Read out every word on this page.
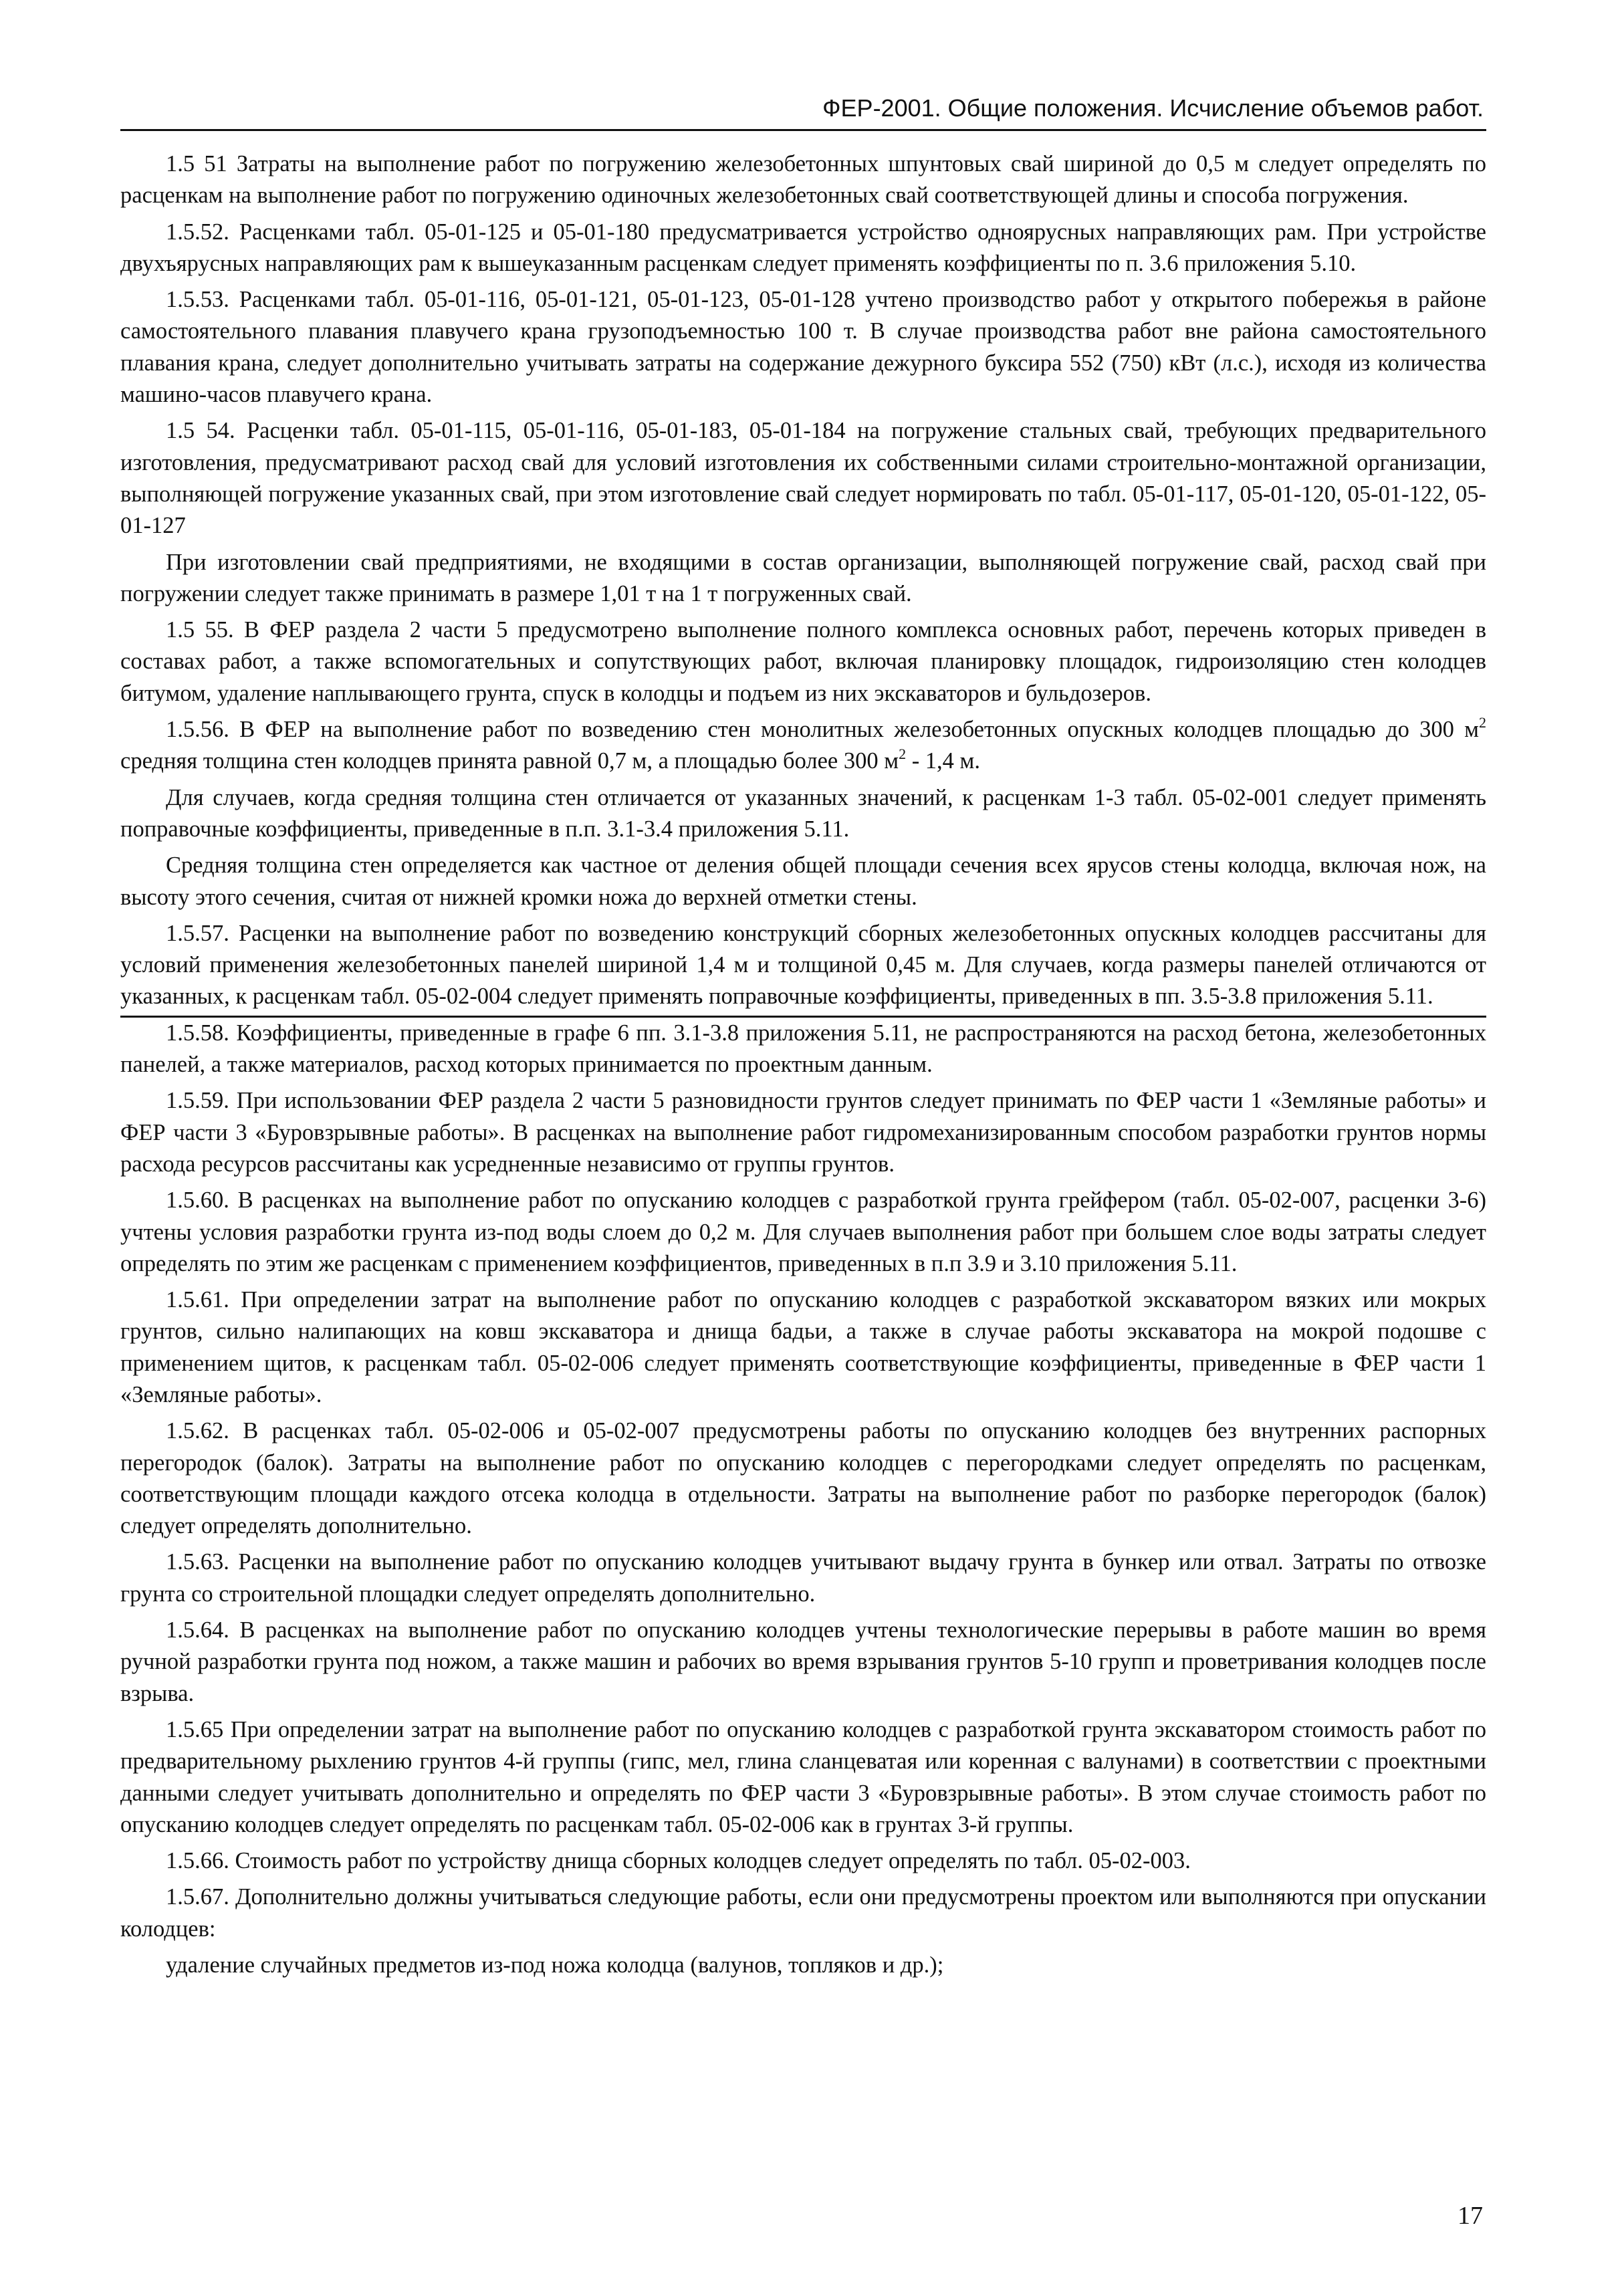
ФЕР-2001. Общие положения. Исчисление объемов работ.

1.5 51 Затраты на выполнение работ по погружению железобетонных шпунтовых свай шириной до 0,5 м следует определять по расценкам на выполнение работ по погружению одиночных железобетонных свай соответствующей длины и способа погружения.

1.5.52. Расценками табл. 05-01-125 и 05-01-180 предусматривается устройство одноярусных направляющих рам. При устройстве двухъярусных направляющих рам к вышеуказанным расценкам следует применять коэффициенты по п. 3.6 приложения 5.10.

1.5.53. Расценками табл. 05-01-116, 05-01-121, 05-01-123, 05-01-128 учтено производство работ у открытого побережья в районе самостоятельного плавания плавучего крана грузоподъемностью 100 т. В случае производства работ вне района самостоятельного плавания крана, следует дополнительно учитывать затраты на содержание дежурного буксира 552 (750) кВт (л.с.), исходя из количества машино-часов плавучего крана.

1.5 54. Расценки табл. 05-01-115, 05-01-116, 05-01-183, 05-01-184 на погружение стальных свай, требующих предварительного изготовления, предусматривают расход свай для условий изготовления их собственными силами строительно-монтажной организации, выполняющей погружение указанных свай, при этом изготовление свай следует нормировать по табл. 05-01-117, 05-01-120, 05-01-122, 05-01-127

При изготовлении свай предприятиями, не входящими в состав организации, выполняющей погружение свай, расход свай при погружении следует также принимать в размере 1,01 т на 1 т погруженных свай.

1.5 55. В ФЕР раздела 2 части 5 предусмотрено выполнение полного комплекса основных работ, перечень которых приведен в составах работ, а также вспомогательных и сопутствующих работ, включая планировку площадок, гидроизоляцию стен колодцев битумом, удаление наплывающего грунта, спуск в колодцы и подъем из них экскаваторов и бульдозеров.

1.5.56. В ФЕР на выполнение работ по возведению стен монолитных железобетонных опускных колодцев площадью до 300 $м^2$ средняя толщина стен колодцев принята равной 0,7 м, а площадью более 300 $м^2 - 1,4$ м.

Для случаев, когда средняя толщина стен отличается от указанных значений, к расценкам 1-3 табл. 05-02-001 следует применять поправочные коэффициенты, приведенные в п.п. 3.1-3.4 приложения 5.11.

Средняя толщина стен определяется как частное от деления общей площади сечения всех ярусов стены колодца, включая нож, на высоту этого сечения, считая от нижней кромки ножа до верхней отметки стены.

1.5.57. Расценки на выполнение работ по возведению конструкций сборных железобетонных опускных колодцев рассчитаны для условий применения железобетонных панелей шириной 1,4 м и толщиной 0,45 м. Для случаев, когда размеры панелей отличаются от указанных, к расценкам табл. 05-02-004 следует применять поправочные коэффициенты, приведенных в пп. 3.5-3.8 приложения 5.11.

1.5.58. Коэффициенты, приведенные в графе 6 пп. 3.1-3.8 приложения 5.11, не распространяются на расход бетона, железобетонных панелей, а также материалов, расход которых принимается по проектным данным.

1.5.59. При использовании ФЕР раздела 2 части 5 разновидности грунтов следует принимать по ФЕР части 1 «Земляные работы» и ФЕР части 3 «Буровзрывные работы». В расценках на выполнение работ гидромеханизированным способом разработки грунтов нормы расхода ресурсов рассчитаны как усредненные независимо от группы грунтов.

1.5.60. В расценках на выполнение работ по опусканию колодцев с разработкой грунта грейфером (табл. 05-02-007, расценки 3-6) учтены условия разработки грунта из-под воды слоем до 0,2 м. Для случаев выполнения работ при большем слое воды затраты следует определять по этим же расценкам с применением коэффициентов, приведенных в п.п 3.9 и 3.10 приложения 5.11.

1.5.61. При определении затрат на выполнение работ по опусканию колодцев с разработкой экскаватором вязких или мокрых грунтов, сильно налипающих на ковш экскаватора и днища бадьи, а также в случае работы экскаватора на мокрой подошве с применением щитов, к расценкам табл. 05-02-006 следует применять соответствующие коэффициенты, приведенные в ФЕР части 1 «Земляные работы».

1.5.62. В расценках табл. 05-02-006 и 05-02-007 предусмотрены работы по опусканию колодцев без внутренних распорных перегородок (балок). Затраты на выполнение работ по опусканию колодцев с перегородками следует определять по расценкам, соответствующим площади каждого отсека колодца в отдельности. Затраты на выполнение работ по разборке перегородок (балок) следует определять дополнительно.

1.5.63. Расценки на выполнение работ по опусканию колодцев учитывают выдачу грунта в бункер или отвал. Затраты по отвозке грунта со строительной площадки следует определять дополнительно.

1.5.64. В расценках на выполнение работ по опусканию колодцев учтены технологические перерывы в работе машин во время ручной разработки грунта под ножом, а также машин и рабочих во время взрывания грунтов 5-10 групп и проветривания колодцев после взрыва.

1.5.65 При определении затрат на выполнение работ по опусканию колодцев с разработкой грунта экскаватором стоимость работ по предварительному рыхлению грунтов 4-й группы (гипс, мел, глина сланцеватая или коренная с валунами) в соответствии с проектными данными следует учитывать дополнительно и определять по ФЕР части 3 «Буровзрывные работы». В этом случае стоимость работ по опусканию колодцев следует определять по расценкам табл. 05-02-006 как в грунтах 3-й группы.

1.5.66. Стоимость работ по устройству днища сборных колодцев следует определять по табл. 05-02-003.

1.5.67. Дополнительно должны учитываться следующие работы, если они предусмотрены проектом или выполняются при опускании колодцев:

удаление случайных предметов из-под ножа колодца (валунов, топляков и др.);

17
